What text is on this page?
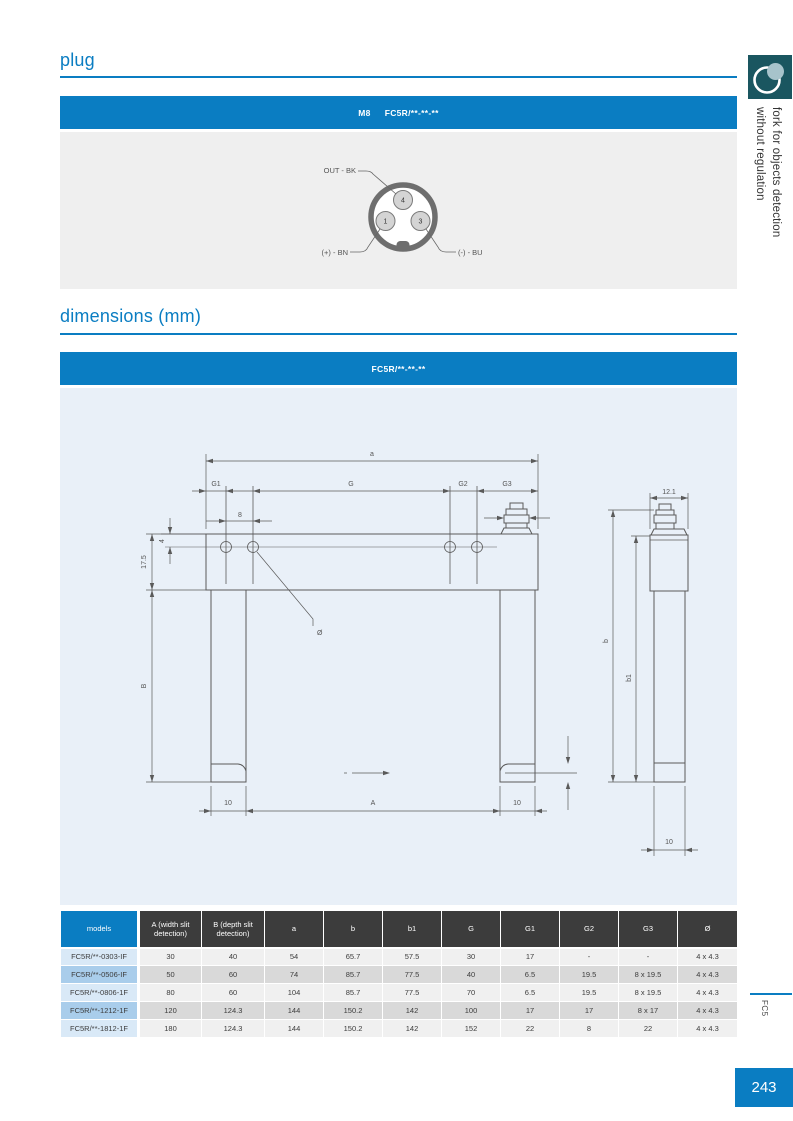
plug
M8 FC5R/**-**-**
4
1	3
OUT - BK
(+) - BN	(-) - BU
dimensions (mm)
FC5R/**-**-**
a
G1	G	G2	G3
8
4
17.5
B
Ø
10	A	10
12.1
b
b1
10
models	A (width slit detection)	B (depth slit detection)	a	b	b1	G	G1	G2	G3	Ø
FC5R/**-0303-IF	30	40	54	65.7	57.5	30	17	-	-	4 x 4.3
FC5R/**-0506-IF	50	60	74	85.7	77.5	40	6.5	19.5	8 x 19.5	4 x 4.3
FC5R/**-0806-1F	80	60	104	85.7	77.5	70	6.5	19.5	8 x 19.5	4 x 4.3
FC5R/**-1212-1F	120	124.3	144	150.2	142	100	17	17	8 x 17	4 x 4.3
FC5R/**-1812-1F	180	124.3	144	150.2	142	152	22	8	22	4 x 4.3
fork for objects detection
without regulation
FC5
243
